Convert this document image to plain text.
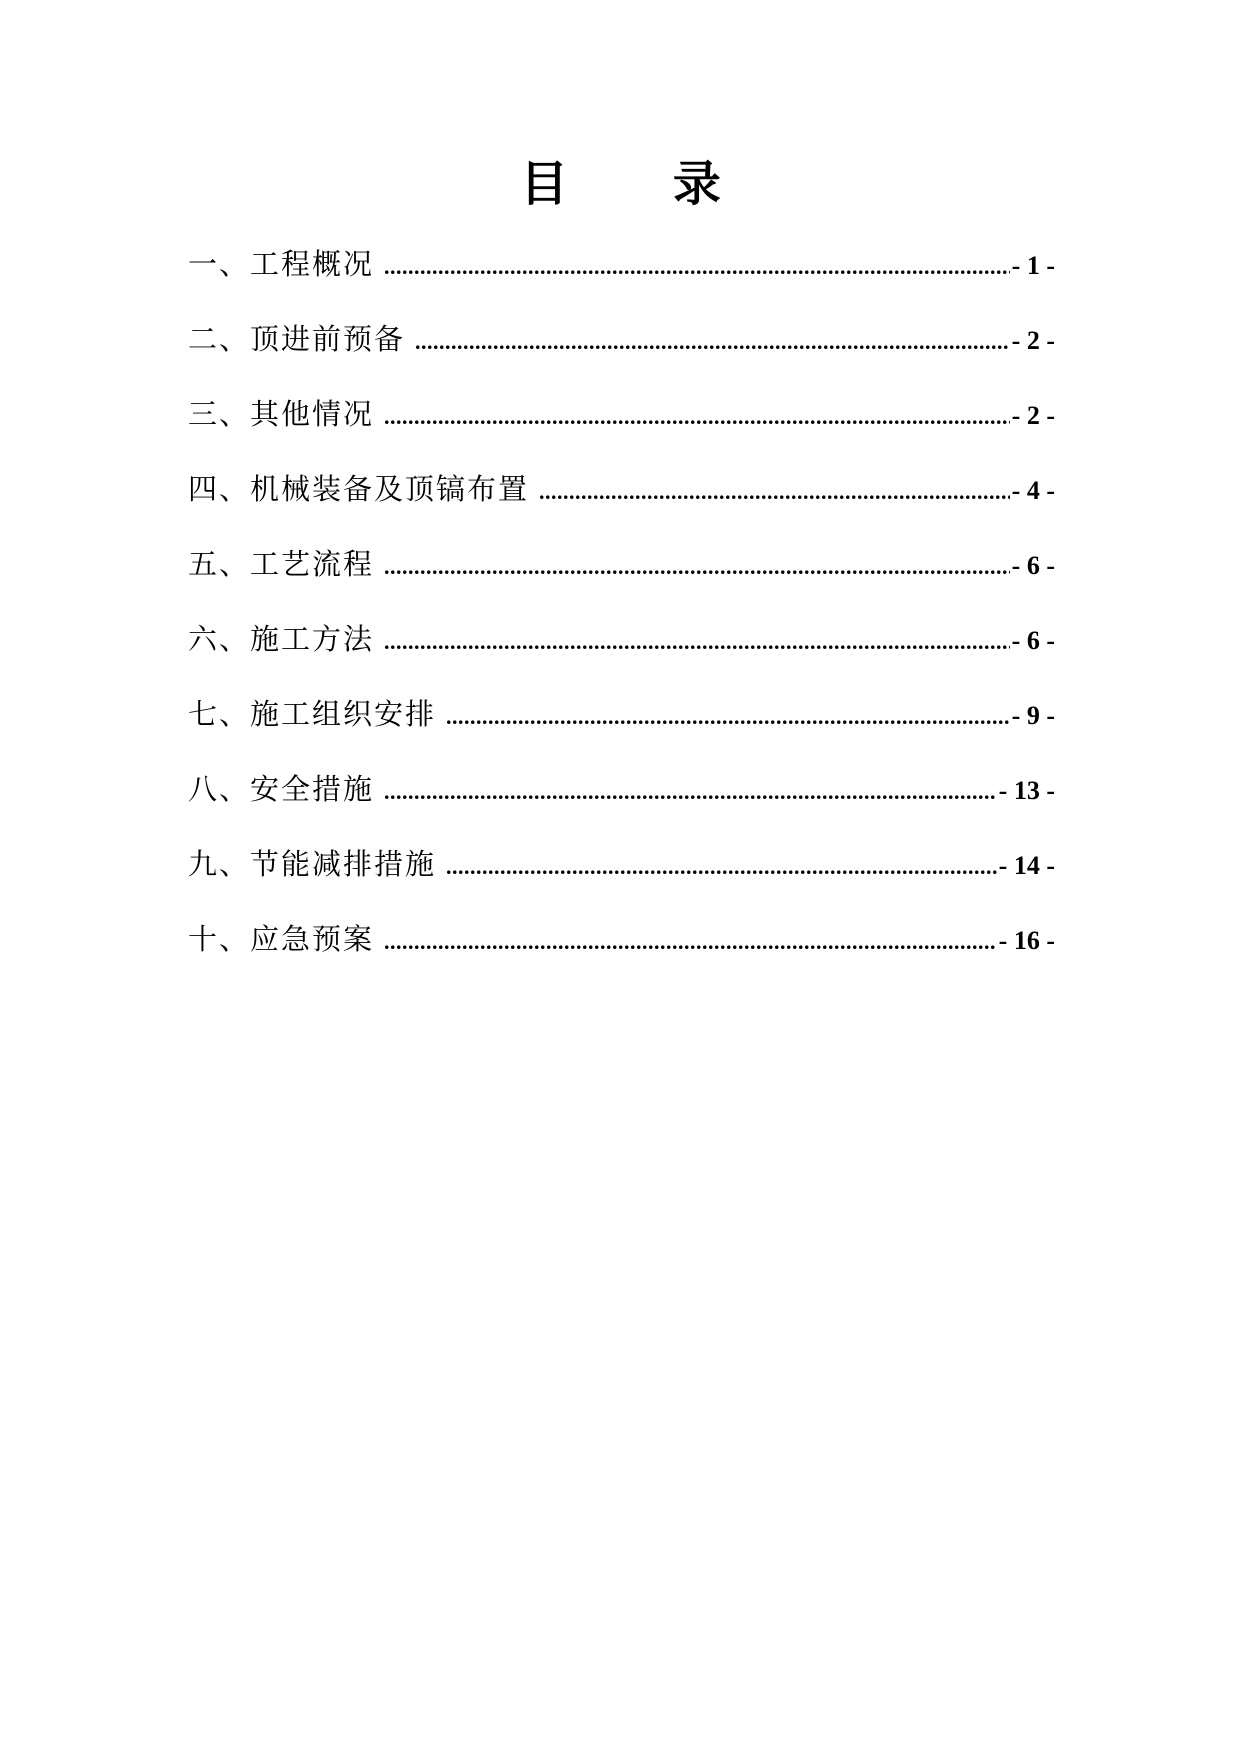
目 录
一、工程概况 .....	- 1 -
二、顶进前预备 .....	- 2 -
三、其他情况 .....	- 2 -
四、机械装备及顶镐布置 .....	- 4 -
五、工艺流程 .....	- 6 -
六、施工方法 .....	- 6 -
七、施工组织安排 .....	- 9 -
八、安全措施 .....	- 13 -
九、节能减排措施 .....	- 14 -
十、应急预案 .....	- 16 -
